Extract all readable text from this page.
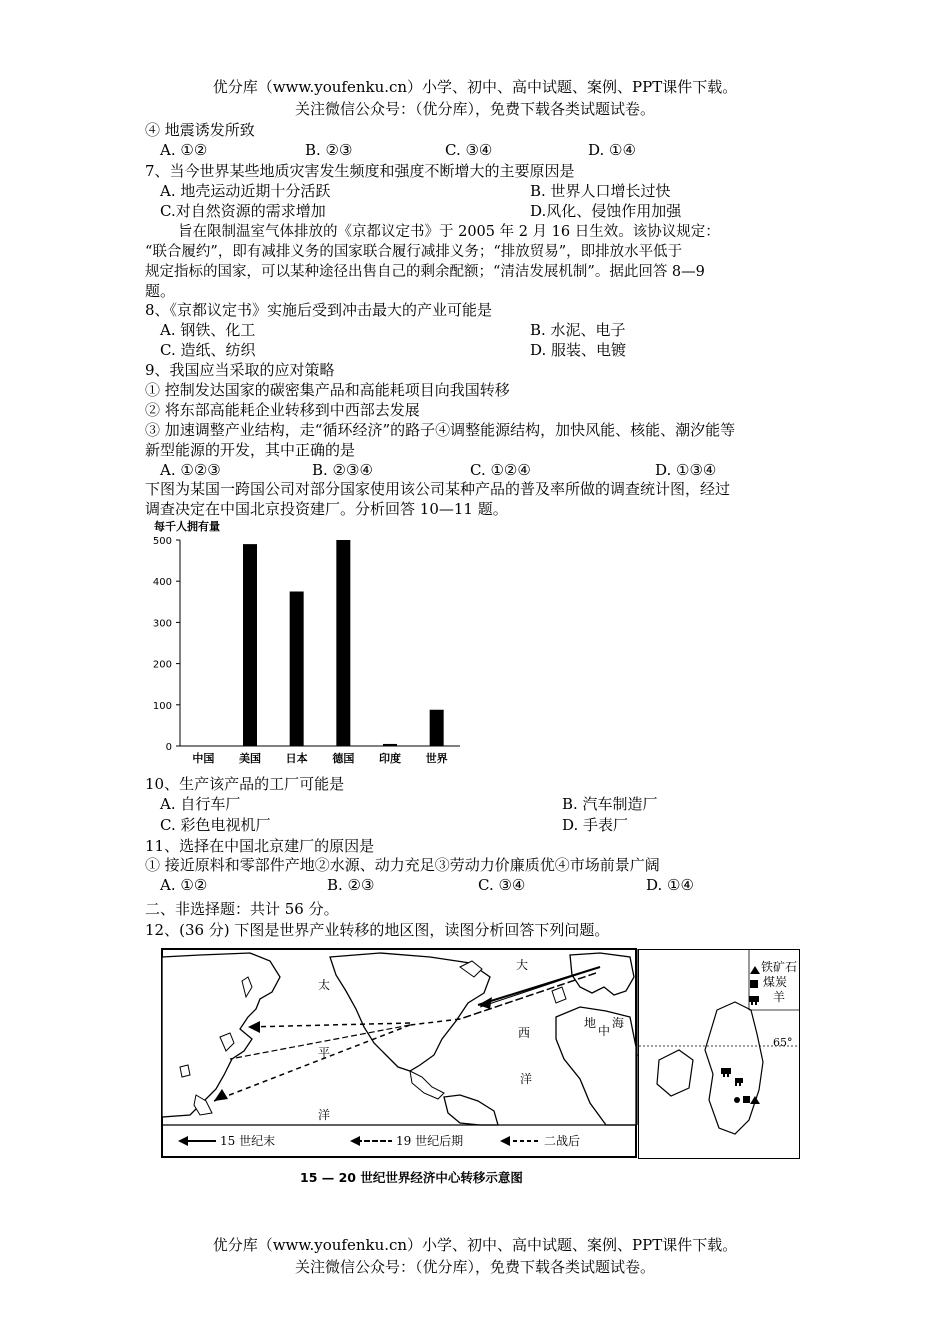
优分库（www.youfenku.cn）小学、初中、高中试题、案例、PPT课件下载。
关注微信公众号：（优分库），免费下载各类试题试卷。
④ 地震诱发所致
A. ①②	B. ②③	C. ③④	D. ①④
7、当今世界某些地质灾害发生频度和强度不断增大的主要原因是
A. 地壳运动近期十分活跃	B. 世界人口增长过快
C.对自然资源的需求增加	D.风化、侵蚀作用加强
旨在限制温室气体排放的《京都议定书》于 2005 年 2 月 16 日生效。该协议规定：
“联合履约”，即有减排义务的国家联合履行减排义务；“排放贸易”，即排放水平低于
规定指标的国家，可以某种途径出售自己的剩余配额；“清洁发展机制”。据此回答 8—9
题。
8、《京都议定书》实施后受到冲击最大的产业可能是
A. 钢铁、化工	B. 水泥、电子
C. 造纸、纺织	D. 服装、电镀
9、我国应当采取的应对策略
① 控制发达国家的碳密集产品和高能耗项目向我国转移
② 将东部高能耗企业转移到中西部去发展
③ 加速调整产业结构，走“循环经济”的路子④调整能源结构，加快风能、核能、潮汐能等
新型能源的开发，其中正确的是
A. ①②③	B. ②③④	C. ①②④	D. ①③④
下图为某国一跨国公司对部分国家使用该公司某种产品的普及率所做的调查统计图，经过
调查决定在中国北京投资建厂。分析回答 10—11 题。
每千人拥有量
500
400
300
200
100
0
中国 美国 日本 德国 印度 世界
10、生产该产品的工厂可能是
A. 自行车厂	B. 汽车制造厂
C. 彩色电视机厂	D. 手表厂
11、选择在中国北京建厂的原因是
① 接近原料和零部件产地②水源、动力充足③劳动力价廉质优④市场前景广阔
A. ①②	B. ②③	C. ③④	D. ①④
二、非选择题：共计 56 分。
12、(36 分) 下图是世界产业转移的地区图，读图分析回答下列问题。
太
平
洋
大
西
洋
地
中
海
15 世纪末	19 世纪后期	二战后
铁矿石
煤炭
羊
65°
15 — 20 世纪世界经济中心转移示意图
优分库（www.youfenku.cn）小学、初中、高中试题、案例、PPT课件下载。
关注微信公众号：（优分库），免费下载各类试题试卷。
